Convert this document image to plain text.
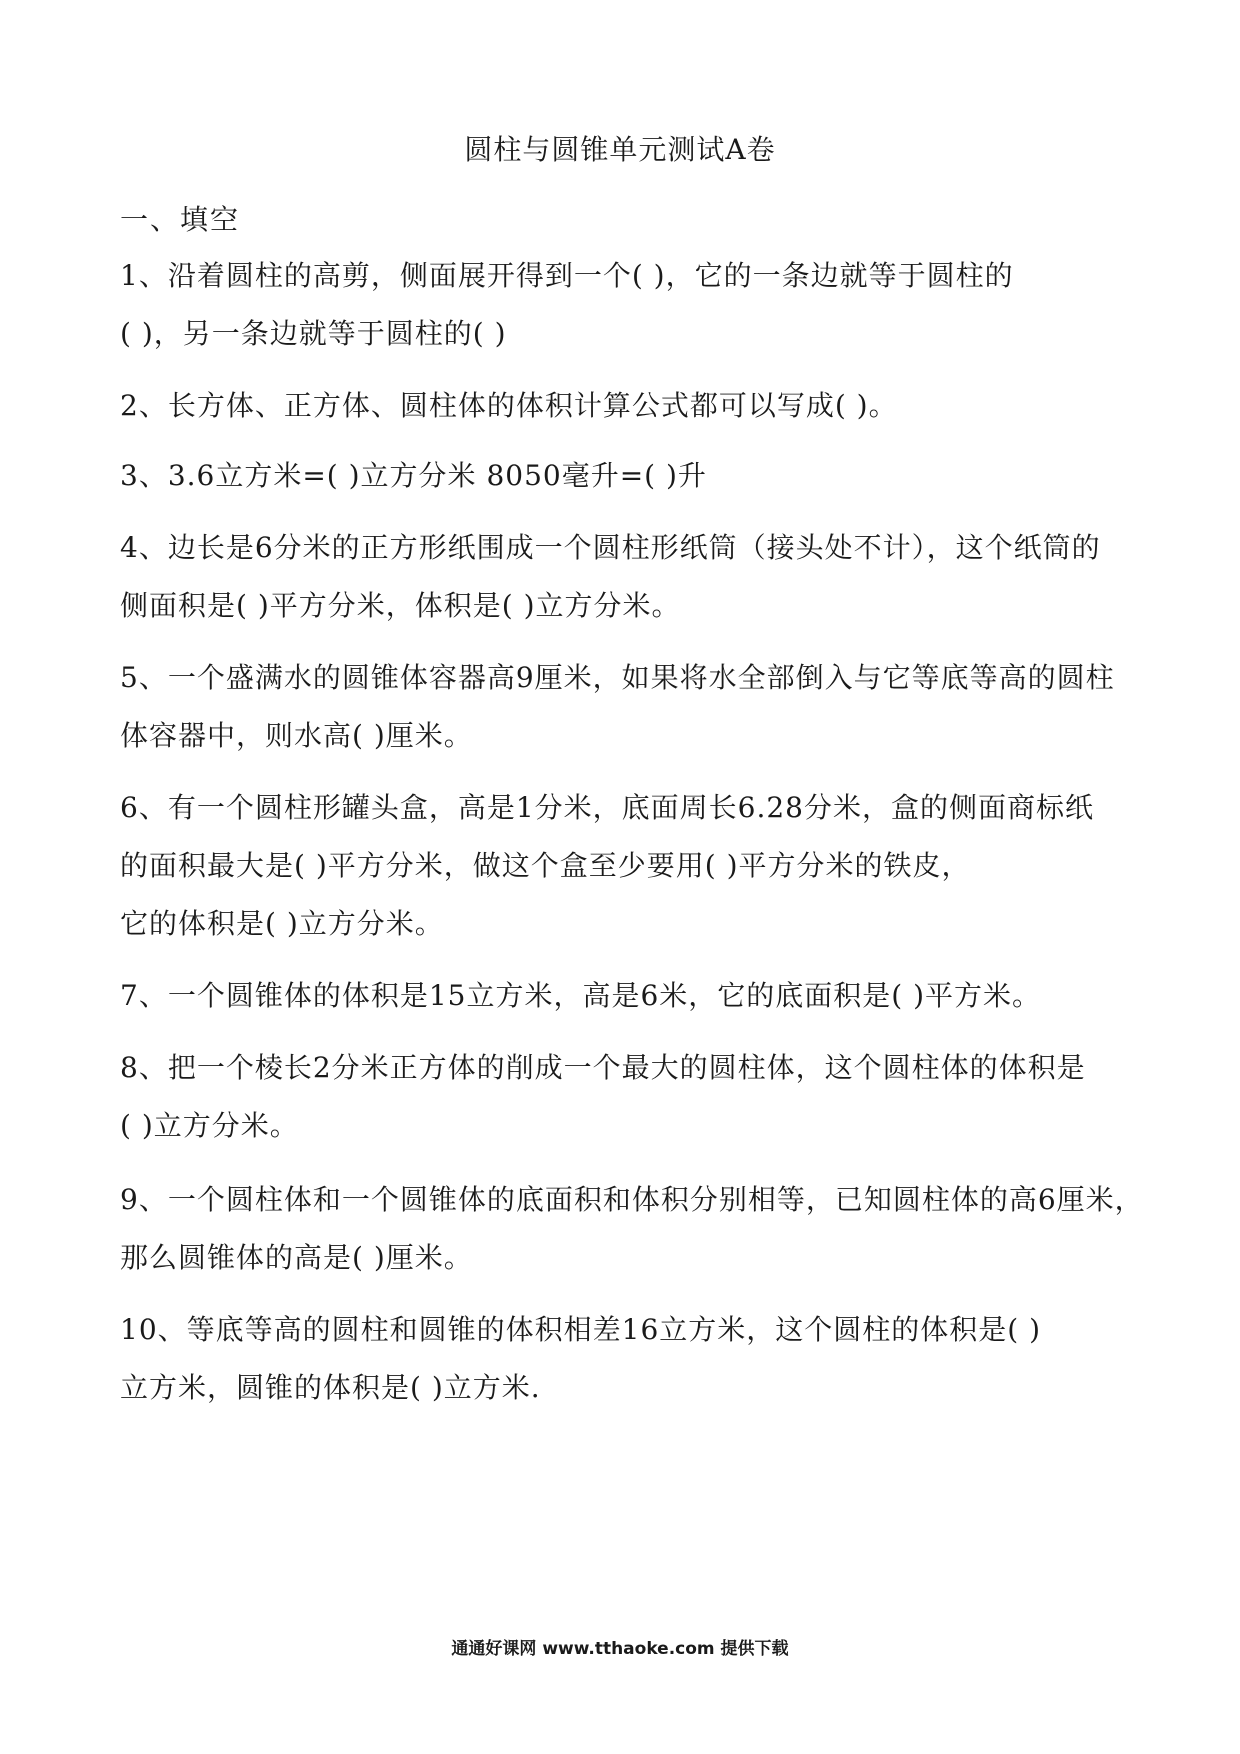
圆柱与圆锥单元测试A卷
一、填空
1、沿着圆柱的高剪，侧面展开得到一个( )，它的一条边就等于圆柱的
( )，另一条边就等于圆柱的( )
2、长方体、正方体、圆柱体的体积计算公式都可以写成( )。
3、3.6立方米=( )立方分米 8050毫升=( )升
4、边长是6分米的正方形纸围成一个圆柱形纸筒（接头处不计），这个纸筒的
侧面积是( )平方分米，体积是( )立方分米。
5、一个盛满水的圆锥体容器高9厘米，如果将水全部倒入与它等底等高的圆柱
体容器中，则水高( )厘米。
6、有一个圆柱形罐头盒，高是1分米，底面周长6.28分米，盒的侧面商标纸
的面积最大是( )平方分米，做这个盒至少要用( )平方分米的铁皮，
它的体积是( )立方分米。
7、一个圆锥体的体积是15立方米，高是6米，它的底面积是( )平方米。
8、把一个棱长2分米正方体的削成一个最大的圆柱体，这个圆柱体的体积是
( )立方分米。
9、一个圆柱体和一个圆锥体的底面积和体积分别相等，已知圆柱体的高6厘米，
那么圆锥体的高是( )厘米。
10、等底等高的圆柱和圆锥的体积相差16立方米，这个圆柱的体积是( )
立方米，圆锥的体积是( )立方米.
通通好课网 www.tthaoke.com 提供下载
